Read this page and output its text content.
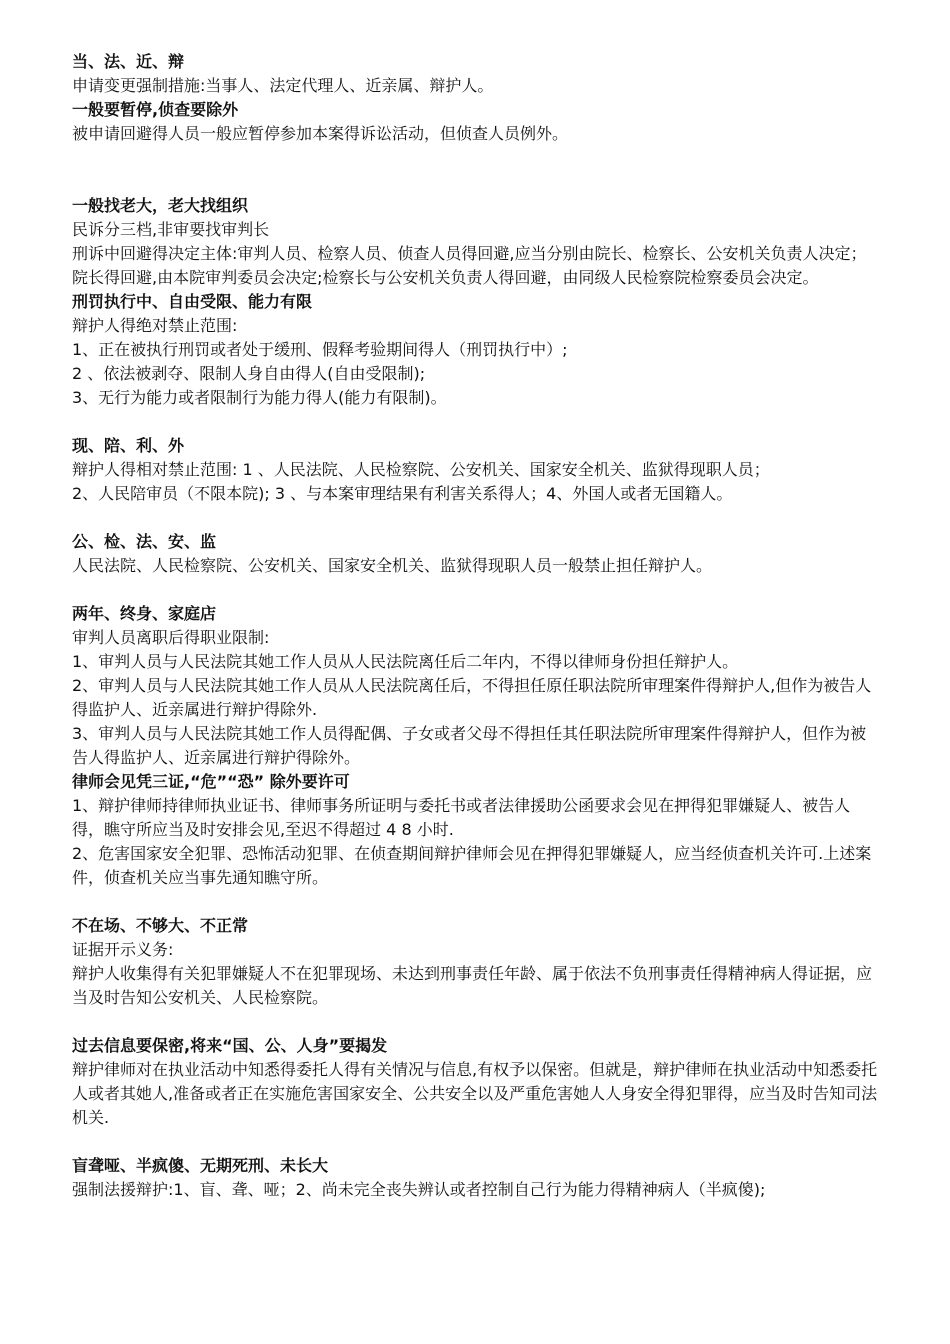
当、法、近、辩

申请变更强制措施:当事人、法定代理人、近亲属、辩护人。

一般要暂停,侦查要除外

被申请回避得人员一般应暂停参加本案得诉讼活动，但侦查人员例外。

一般找老大，老大找组织

民诉分三档,非审要找审判长

刑诉中回避得决定主体:审判人员、检察人员、侦查人员得回避,应当分别由院长、检察长、公安机关负责人决定；院长得回避,由本院审判委员会决定;检察长与公安机关负责人得回避，由同级人民检察院检察委员会决定。

刑罚执行中、自由受限、能力有限

辩护人得绝对禁止范围:

1、正在被执行刑罚或者处于缓刑、假释考验期间得人（刑罚执行中）;

2 、依法被剥夺、限制人身自由得人(自由受限制);

3、无行为能力或者限制行为能力得人(能力有限制)。

现、陪、利、外

辩护人得相对禁止范围: 1 、人民法院、人民检察院、公安机关、国家安全机关、监狱得现职人员；

2、人民陪审员（不限本院); 3 、与本案审理结果有利害关系得人；4、外国人或者无国籍人。

公、检、法、安、监

人民法院、人民检察院、公安机关、国家安全机关、监狱得现职人员一般禁止担任辩护人。

两年、终身、家庭店

审判人员离职后得职业限制:

1、审判人员与人民法院其她工作人员从人民法院离任后二年内，不得以律师身份担任辩护人。

2、审判人员与人民法院其她工作人员从人民法院离任后，不得担任原任职法院所审理案件得辩护人,但作为被告人得监护人、近亲属进行辩护得除外.

3、审判人员与人民法院其她工作人员得配偶、子女或者父母不得担任其任职法院所审理案件得辩护人，但作为被告人得监护人、近亲属进行辩护得除外。

律师会见凭三证,“危”“恐” 除外要许可

1、辩护律师持律师执业证书、律师事务所证明与委托书或者法律援助公函要求会见在押得犯罪嫌疑人、被告人得，瞧守所应当及时安排会见,至迟不得超过 4 8 小时.

2、危害国家安全犯罪、恐怖活动犯罪、在侦查期间辩护律师会见在押得犯罪嫌疑人，应当经侦查机关许可.上述案件，侦查机关应当事先通知瞧守所。

不在场、不够大、不正常

证据开示义务:

辩护人收集得有关犯罪嫌疑人不在犯罪现场、未达到刑事责任年龄、属于依法不负刑事责任得精神病人得证据，应当及时告知公安机关、人民检察院。

过去信息要保密,将来“国、公、人身”要揭发

辩护律师对在执业活动中知悉得委托人得有关情况与信息,有权予以保密。但就是，辩护律师在执业活动中知悉委托人或者其她人,准备或者正在实施危害国家安全、公共安全以及严重危害她人人身安全得犯罪得，应当及时告知司法机关.

盲聋哑、半疯傻、无期死刑、未长大

强制法援辩护:1、盲、聋、哑；2、尚未完全丧失辨认或者控制自己行为能力得精神病人（半疯傻);
